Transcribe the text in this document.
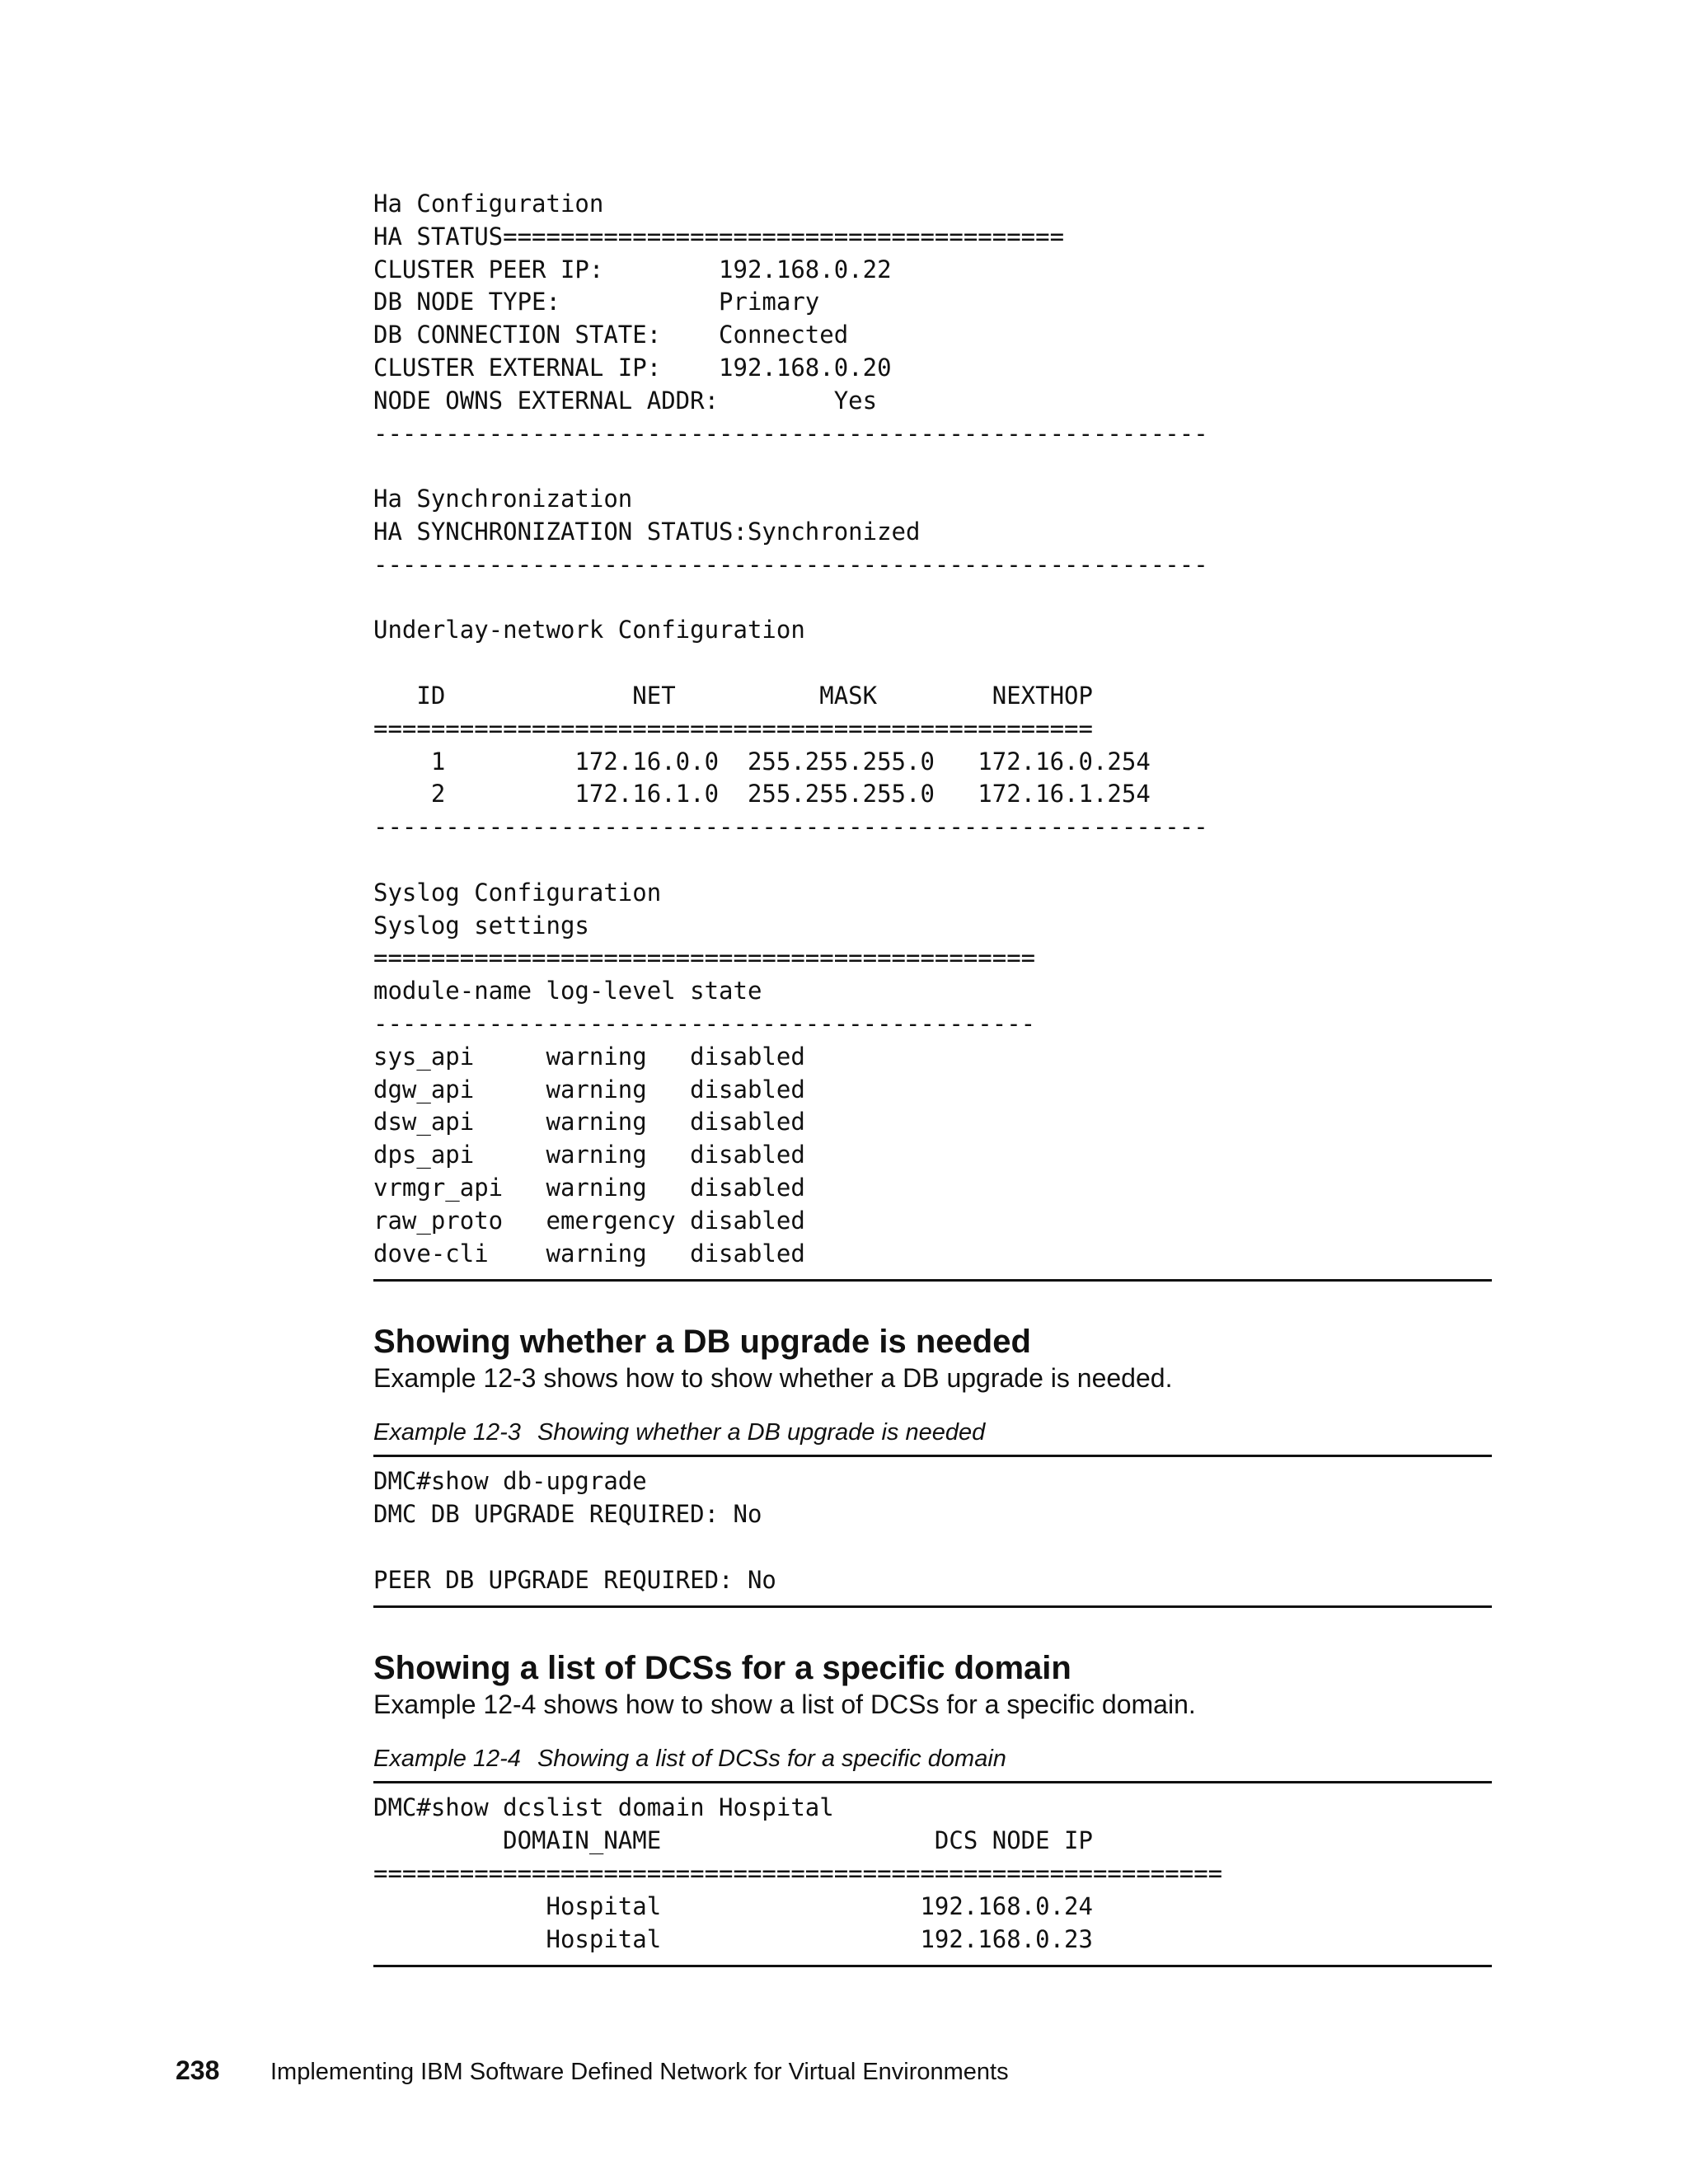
Ha Configuration
HA STATUS=======================================
CLUSTER PEER IP:        192.168.0.22
DB NODE TYPE:           Primary
DB CONNECTION STATE:    Connected
CLUSTER EXTERNAL IP:    192.168.0.20
NODE OWNS EXTERNAL ADDR:        Yes
----------------------------------------------------------

Ha Synchronization
HA SYNCHRONIZATION STATUS:Synchronized
----------------------------------------------------------

Underlay-network Configuration

ID             NET          MASK        NEXTHOP
==================================================
1         172.16.0.0  255.255.255.0   172.16.0.254
2         172.16.1.0  255.255.255.0   172.16.1.254
----------------------------------------------------------

Syslog Configuration
Syslog settings
==============================================
module-name log-level state
----------------------------------------------
sys_api     warning   disabled
dgw_api     warning   disabled
dsw_api     warning   disabled
dps_api     warning   disabled
vrmgr_api   warning   disabled
raw_proto   emergency disabled
dove-cli    warning   disabled
Showing whether a DB upgrade is needed

Example 12-3 shows how to show whether a DB upgrade is needed.

Example 12-3 Showing whether a DB upgrade is needed

DMC#show db-upgrade
DMC DB UPGRADE REQUIRED: No

PEER DB UPGRADE REQUIRED: No
Showing a list of DCSs for a specific domain

Example 12-4 shows how to show a list of DCSs for a specific domain.

Example 12-4 Showing a list of DCSs for a specific domain

DMC#show dcslist domain Hospital
DOMAIN_NAME                   DCS NODE IP
===========================================================
Hospital                  192.168.0.24
Hospital                  192.168.0.23
238 Implementing IBM Software Defined Network for Virtual Environments
